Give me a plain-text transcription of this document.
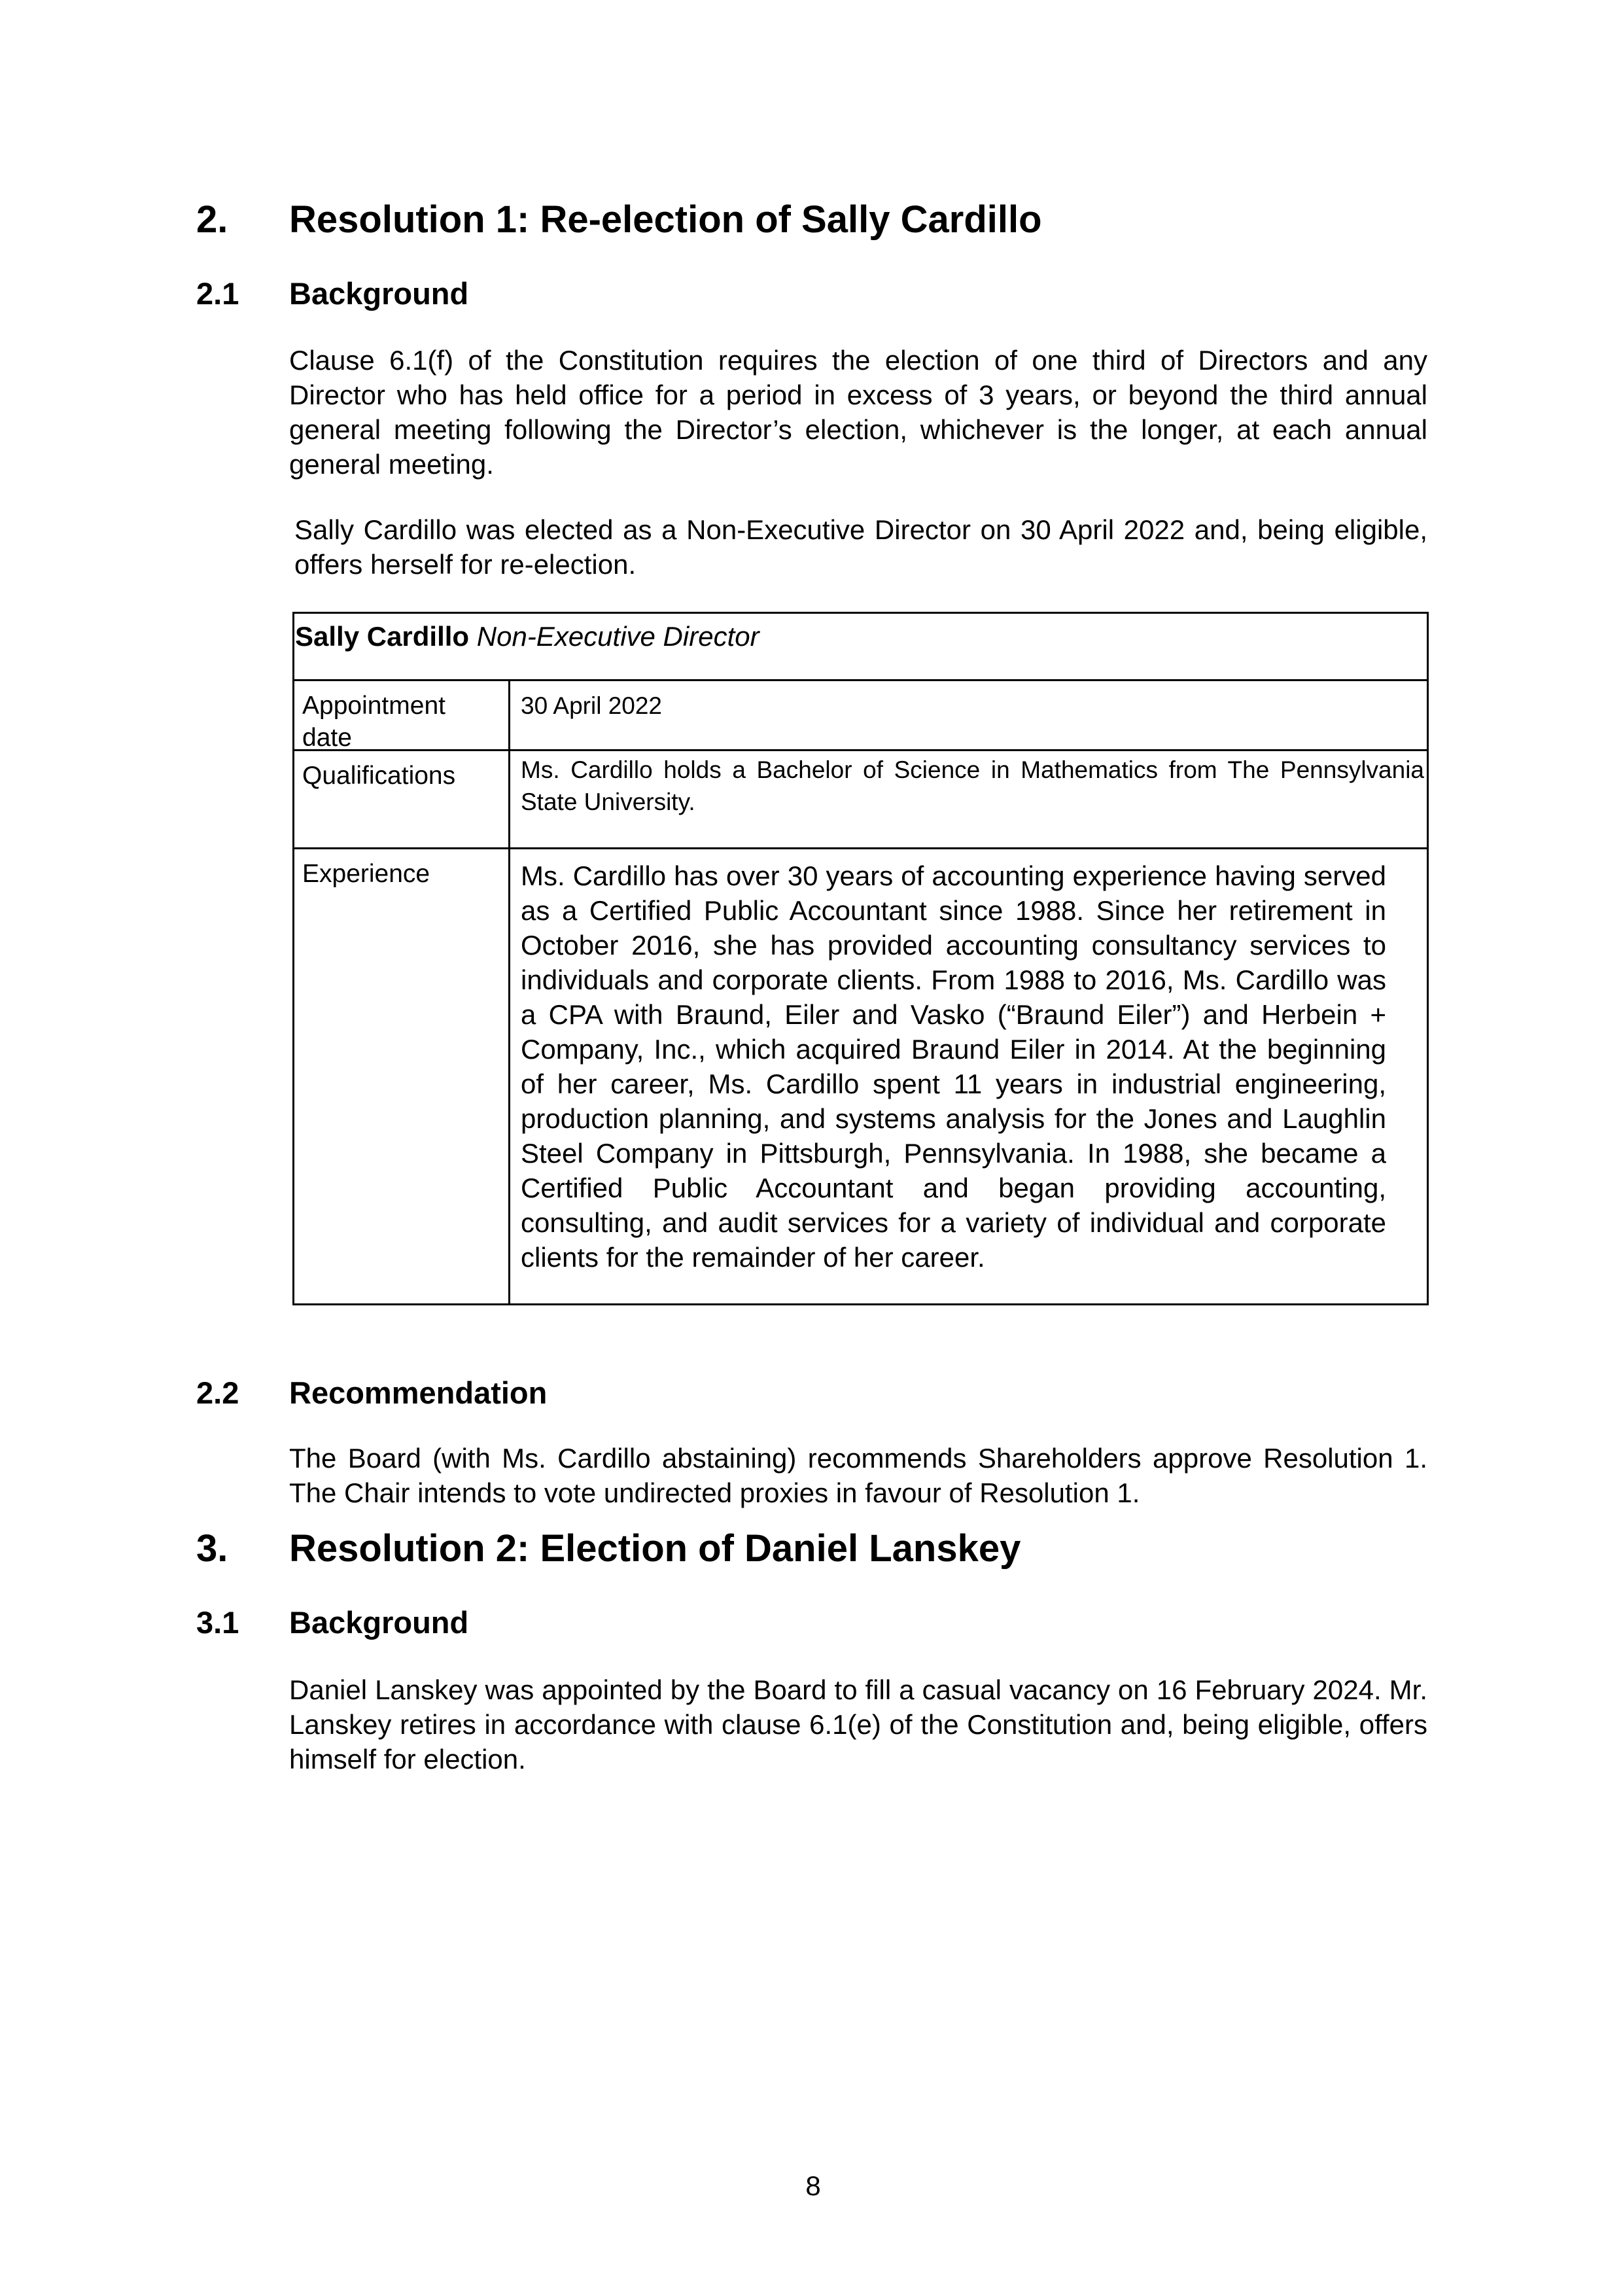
2. Resolution 1: Re-election of Sally Cardillo
2.1 Background
Clause 6.1(f) of the Constitution requires the election of one third of Directors and any Director who has held office for a period in excess of 3 years, or beyond the third annual general meeting following the Director’s election, whichever is the longer, at each annual general meeting.
Sally Cardillo was elected as a Non-Executive Director on 30 April 2022 and, being eligible, offers herself for re-election.
Sally Cardillo Non-Executive Director
Appointment date
30 April 2022
Qualifications	Ms. Cardillo holds a Bachelor of Science in Mathematics from The Pennsylvania State University.
Experience	Ms. Cardillo has over 30 years of accounting experience having served as a Certified Public Accountant since 1988. Since her retirement in October 2016, she has provided accounting consultancy services to individuals and corporate clients. From 1988 to 2016, Ms. Cardillo was a CPA with Braund, Eiler and Vasko (“Braund Eiler”) and Herbein + Company, Inc., which acquired Braund Eiler in 2014. At the beginning of her career, Ms. Cardillo spent 11 years in industrial engineering, production planning, and systems analysis for the Jones and Laughlin Steel Company in Pittsburgh, Pennsylvania. In 1988, she became a Certified Public Accountant and began providing accounting, consulting, and audit services for a variety of individual and corporate clients for the remainder of her career.
2.2 Recommendation
The Board (with Ms. Cardillo abstaining) recommends Shareholders approve Resolution 1. The Chair intends to vote undirected proxies in favour of Resolution 1.
3. Resolution 2: Election of Daniel Lanskey
3.1 Background
Daniel Lanskey was appointed by the Board to fill a casual vacancy on 16 February 2024. Mr. Lanskey retires in accordance with clause 6.1(e) of the Constitution and, being eligible, offers himself for election.
8
